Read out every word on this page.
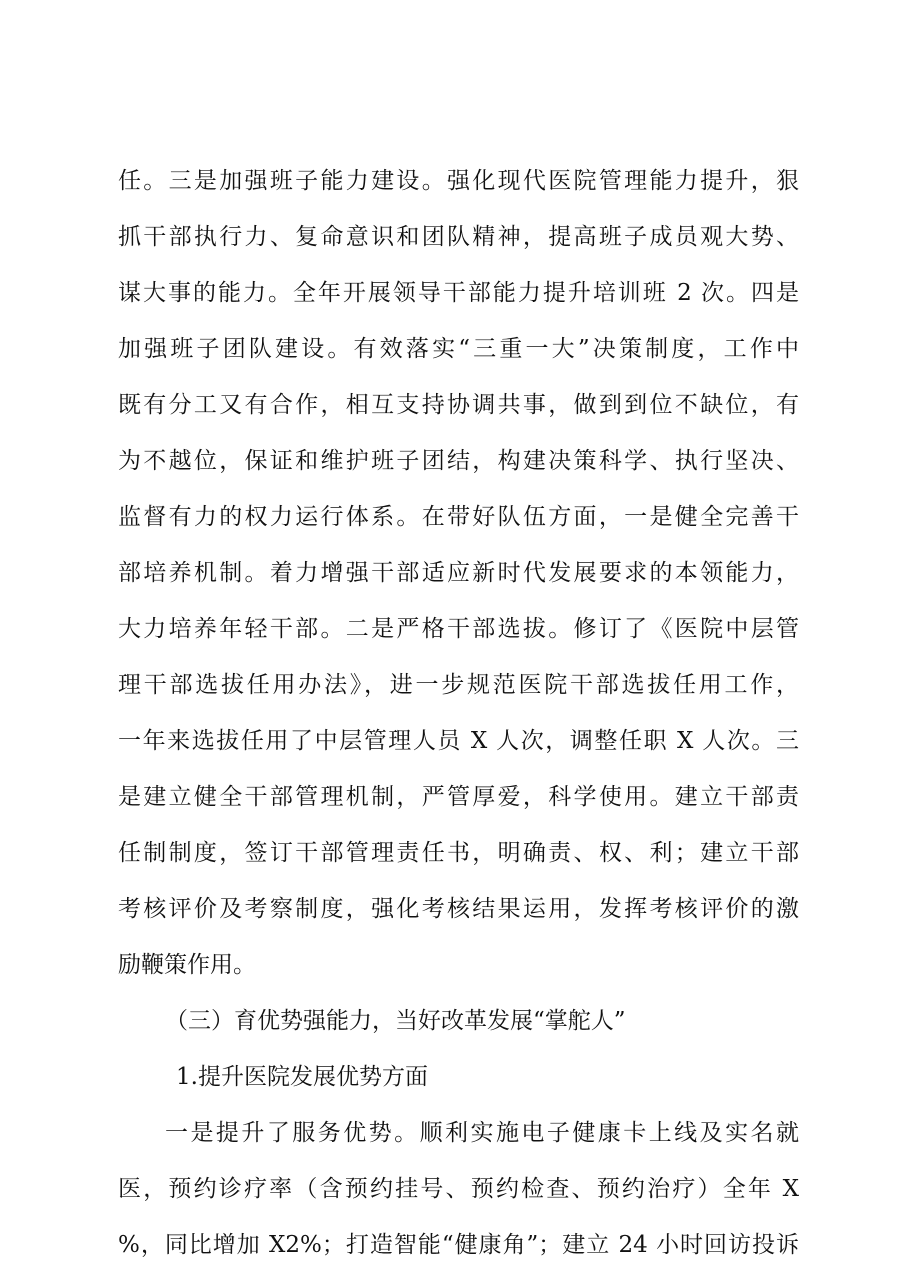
任。三是加强班子能力建设。强化现代医院管理能力提升，狠
抓干部执行力、复命意识和团队精神，提高班子成员观大势、
谋大事的能力。全年开展领导干部能力提升培训班 2 次。四是
加强班子团队建设。有效落实“三重一大”决策制度，工作中
既有分工又有合作，相互支持协调共事，做到到位不缺位，有
为不越位，保证和维护班子团结，构建决策科学、执行坚决、
监督有力的权力运行体系。在带好队伍方面，一是健全完善干
部培养机制。着力增强干部适应新时代发展要求的本领能力，
大力培养年轻干部。二是严格干部选拔。修订了《医院中层管
理干部选拔任用办法》，进一步规范医院干部选拔任用工作，
一年来选拔任用了中层管理人员 X 人次，调整任职 X 人次。三
是建立健全干部管理机制，严管厚爱，科学使用。建立干部责
任制制度，签订干部管理责任书，明确责、权、利；建立干部
考核评价及考察制度，强化考核结果运用，发挥考核评价的激
励鞭策作用。
（三）育优势强能力，当好改革发展“掌舵人”
1.提升医院发展优势方面
一是提升了服务优势。顺利实施电子健康卡上线及实名就
医，预约诊疗率（含预约挂号、预约检查、预约治疗）全年 X
%，同比增加 X2%；打造智能“健康角”；建立 24 小时回访投诉
